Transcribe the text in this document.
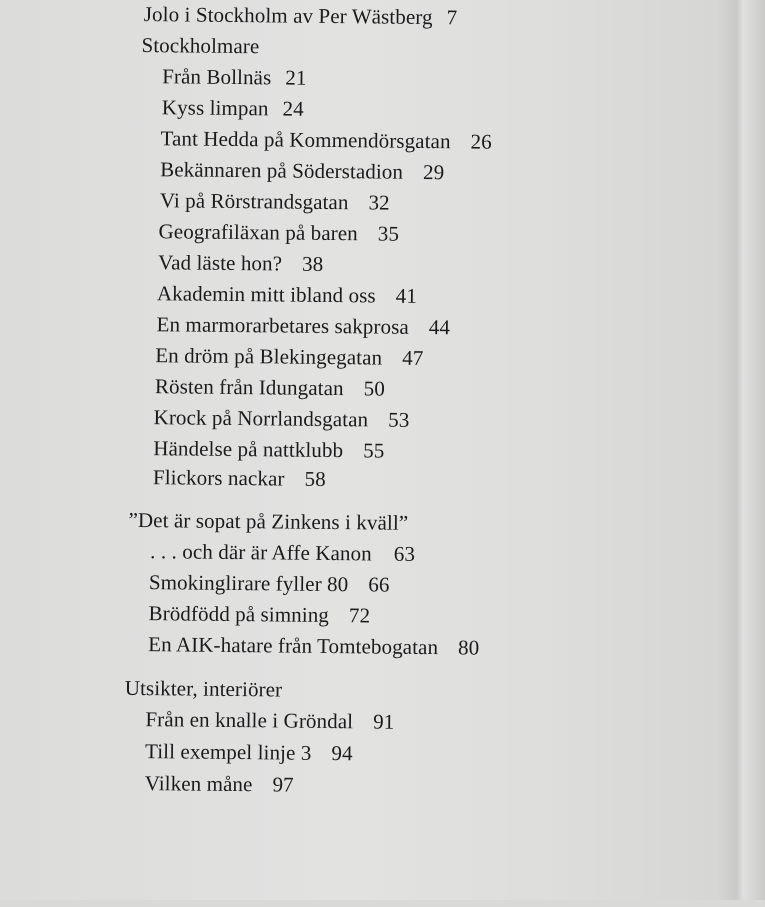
Jolo i Stockholm av Per Wästberg 7
Stockholmare
Från Bollnäs 21
Kyss limpan 24
Tant Hedda på Kommendörsgatan 26
Bekännaren på Söderstadion 29
Vi på Rörstrandsgatan 32
Geografiläxan på baren 35
Vad läste hon? 38
Akademin mitt ibland oss 41
En marmorarbetares sakprosa 44
En dröm på Blekingegatan 47
Rösten från Idungatan 50
Krock på Norrlandsgatan 53
Händelse på nattklubb 55
Flickors nackar 58
”Det är sopat på Zinkens i kväll”
. . . och där är Affe Kanon 63
Smokinglirare fyller 80 66
Brödfödd på simning 72
En AIK-hatare från Tomtebogatan 80
Utsikter, interiörer
Från en knalle i Gröndal 91
Till exempel linje 3 94
Vilken måne 97
